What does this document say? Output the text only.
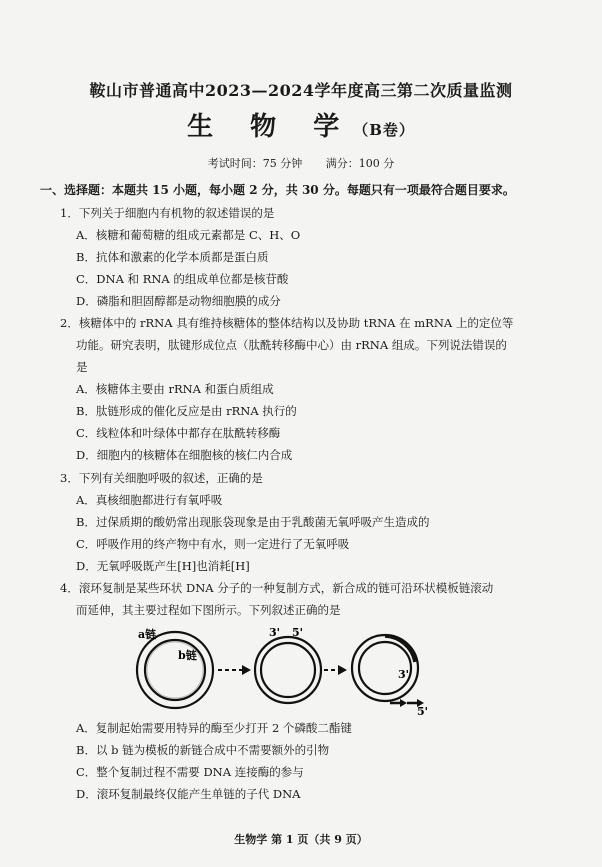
鞍山市普通高中2023—2024学年度高三第二次质量监测
生 物 学（B卷）
考试时间：75 分钟 满分：100 分
一、选择题：本题共 15 小题，每小题 2 分，共 30 分。每题只有一项最符合题目要求。
1．下列关于细胞内有机物的叙述错误的是
A．核糖和葡萄糖的组成元素都是 C、H、O
B．抗体和激素的化学本质都是蛋白质
C．DNA 和 RNA 的组成单位都是核苷酸
D．磷脂和胆固醇都是动物细胞膜的成分
2．核糖体中的 rRNA 具有维持核糖体的整体结构以及协助 tRNA 在 mRNA 上的定位等
功能。研究表明，肽键形成位点（肽酰转移酶中心）由 rRNA 组成。下列说法错误的
是
A．核糖体主要由 rRNA 和蛋白质组成
B．肽链形成的催化反应是由 rRNA 执行的
C．线粒体和叶绿体中都存在肽酰转移酶
D．细胞内的核糖体在细胞核的核仁内合成
3．下列有关细胞呼吸的叙述，正确的是
A．真核细胞都进行有氧呼吸
B．过保质期的酸奶常出现胀袋现象是由于乳酸菌无氧呼吸产生造成的
C．呼吸作用的终产物中有水，则一定进行了无氧呼吸
D．无氧呼吸既产生[H]也消耗[H]
4．滚环复制是某些环状 DNA 分子的一种复制方式，新合成的链可沿环状模板链滚动
而延伸，其主要过程如下图所示。下列叙述正确的是
a链
b链
3' 5'
3'
5'
A．复制起始需要用特异的酶至少打开 2 个磷酸二酯键
B．以 b 链为模板的新链合成中不需要额外的引物
C．整个复制过程不需要 DNA 连接酶的参与
D．滚环复制最终仅能产生单链的子代 DNA
生物学 第 1 页（共 9 页）
